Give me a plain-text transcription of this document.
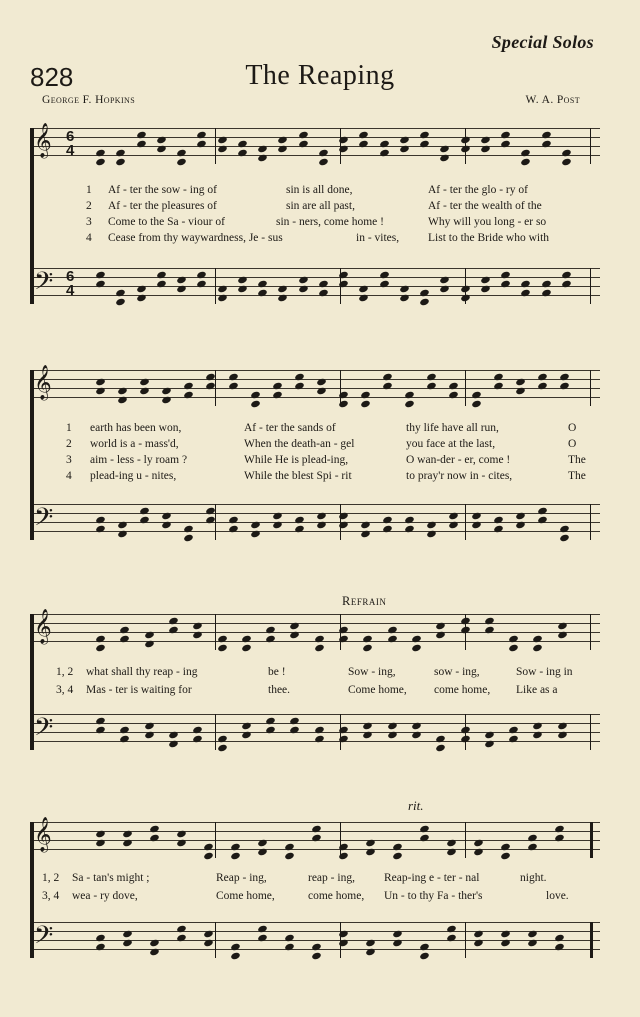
Special Solos
828	The Reaping
George F. Hopkins	W. A. Post
𝄞 6
4
1 Af - ter the sow - ing of	sin is all done,	Af - ter the glo - ry of
2 Af - ter the pleasures of	sin are all past,	Af - ter the wealth of the
3 Come to the Sa - viour of	sin - ners, come home !	Why will you long - er so
4 Cease from thy waywardness, Je - sus	in - vites,	List to the Bride who with
𝄢 6
4
𝄞
1 earth has been won,	Af - ter the sands of	thy life have all run,	O
2 world is a - mass'd,	When the death-an - gel	you face at the last,	O
3 aim - less - ly roam ?	While He is plead-ing,	O wan-der - er, come !	The
4 plead-ing u - nites,	While the blest Spi - rit	to pray'r now in - cites,	The
𝄢
Refrain
𝄞
1, 2 what shall thy reap - ing	be !	Sow - ing,	sow - ing,	Sow - ing in
3, 4 Mas - ter is waiting for	thee.	Come home, come home, Like as a
𝄢
rit.
𝄞
1, 2 Sa - tan's might ;	Reap - ing,	reap - ing,	Reap-ing e - ter - nal	night.
3, 4 wea - ry dove,	Come home,	come home, Un - to thy Fa - ther's	love.
𝄢
